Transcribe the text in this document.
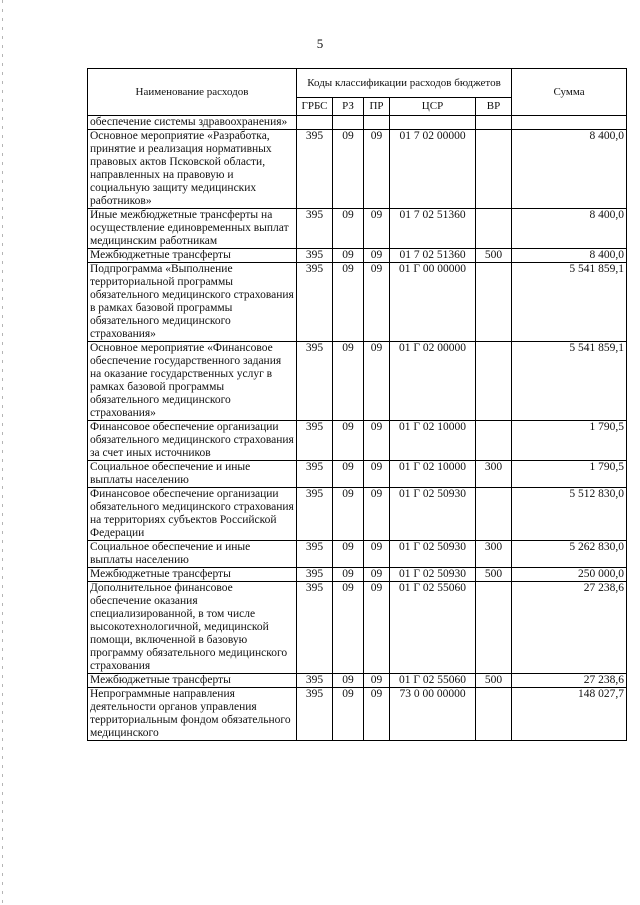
5
Наименование расходов	Коды классификации расходов бюджетов					Сумма
	ГРБС	РЗ	ПР	ЦСР	ВР	
обеспечение системы здравоохранения»						
Основное мероприятие «Разработка, принятие и реализация нормативных правовых актов Псковской области, направленных на правовую и социальную защиту медицинских работников»	395	09	09	01 7 02 00000		8 400,0
Иные межбюджетные трансферты на осуществление единовременных выплат медицинским работникам	395	09	09	01 7 02 51360		8 400,0
Межбюджетные трансферты	395	09	09	01 7 02 51360	500	8 400,0
Подпрограмма «Выполнение территориальной программы обязательного медицинского страхования в рамках базовой программы обязательного медицинского страхования»	395	09	09	01 Г 00 00000		5 541 859,1
Основное мероприятие «Финансовое обеспечение государственного задания на оказание государственных услуг в рамках базовой программы обязательного медицинского страхования»	395	09	09	01 Г 02 00000		5 541 859,1
Финансовое обеспечение организации обязательного медицинского страхования за счет иных источников	395	09	09	01 Г 02 10000		1 790,5
Социальное обеспечение и иные выплаты населению	395	09	09	01 Г 02 10000	300	1 790,5
Финансовое обеспечение организации обязательного медицинского страхования на территориях субъектов Российской Федерации	395	09	09	01 Г 02 50930		5 512 830,0
Социальное обеспечение и иные выплаты населению	395	09	09	01 Г 02 50930	300	5 262 830,0
Межбюджетные трансферты	395	09	09	01 Г 02 50930	500	250 000,0
Дополнительное финансовое обеспечение оказания специализированной, в том числе высокотехнологичной, медицинской помощи, включенной в базовую программу обязательного медицинского страхования	395	09	09	01 Г 02 55060		27 238,6
Межбюджетные трансферты	395	09	09	01 Г 02 55060	500	27 238,6
Непрограммные направления деятельности органов управления территориальным фондом обязательного медицинского	395	09	09	73 0 00 00000		148 027,7
